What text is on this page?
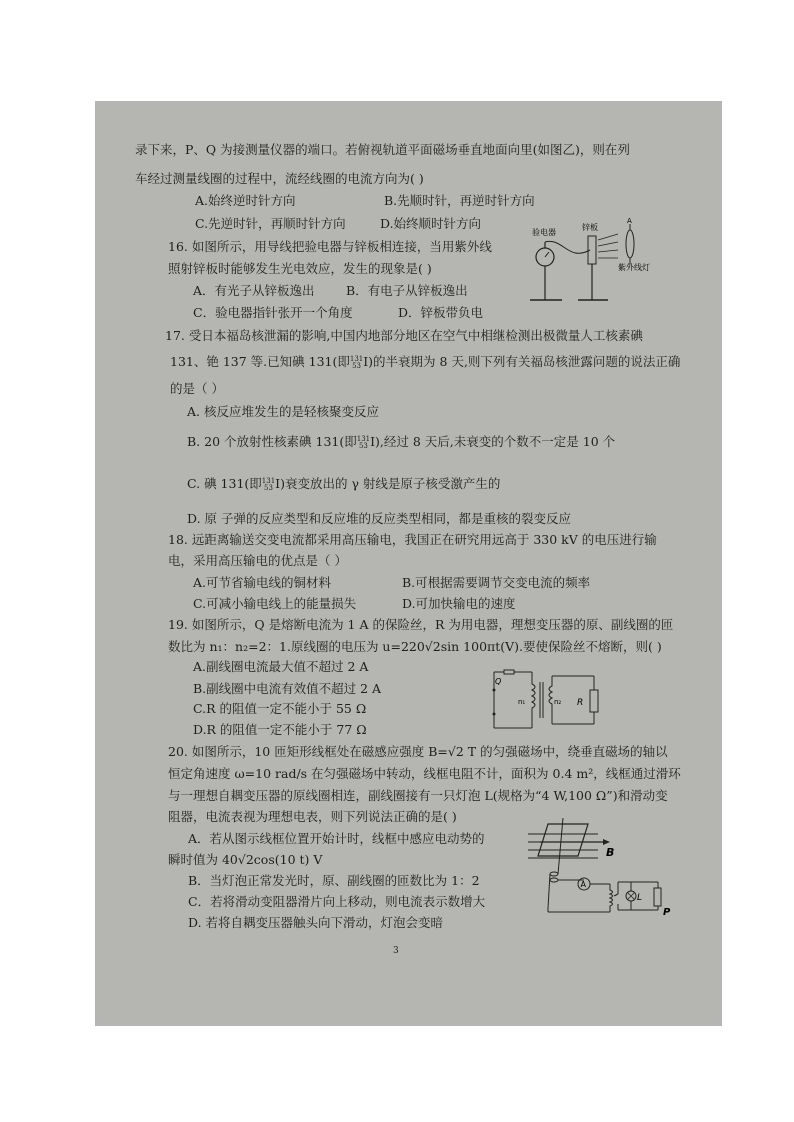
录下来，P、Q 为接测量仪器的端口。若俯视轨道平面磁场垂直地面向里(如图乙)，则在列
车经过测量线圈的过程中，流经线圈的电流方向为( )
A.始终逆时针方向	B.先顺时针，再逆时针方向
C.先逆时针，再顺时针方向	D.始终顺时针方向
16. 如图所示，用导线把验电器与锌板相连接，当用紫外线
照射锌板时能够发生光电效应，发生的现象是( )
A．有光子从锌板逸出	B．有电子从锌板逸出
C．验电器指针张开一个角度	D．锌板带负电
验电器
锌板
A
紫外线灯
17. 受日本福岛核泄漏的影响,中国内地部分地区在空气中相继检测出极微量人工核素碘
131、铯 137 等.已知碘 131(即131
53 I)的半衰期为 8 天,则下列有关福岛核泄露问题的说法正确
的是（ ）
A. 核反应堆发生的是轻核聚变反应
B. 20 个放射性核素碘 131(即131
53 I),经过 8 天后,未衰变的个数不一定是 10 个
C. 碘 131(即131
53 I)衰变放出的 γ 射线是原子核受激产生的
D. 原 子弹的反应类型和反应堆的反应类型相同，都是重核的裂变反应
18. 远距离输送交变电流都采用高压输电，我国正在研究用远高于 330 kV 的电压进行输
电，采用高压输电的优点是（ ）
A.可节省输电线的铜材料	B.可根据需要调节交变电流的频率
C.可减小输电线上的能量损失	D.可加快输电的速度
19. 如图所示，Q 是熔断电流为 1 A 的保险丝，R 为用电器，理想变压器的原、副线圈的匝
数比为 n₁：n₂=2：1.原线圈的电压为 u=220√2sin 100πt(V).要使保险丝不熔断，则( )
A.副线圈电流最大值不超过 2 A
B.副线圈中电流有效值不超过 2 A
C.R 的阻值一定不能小于 55 Ω
D.R 的阻值一定不能小于 77 Ω
Q
n₁	n₂ R
20. 如图所示，10 匝矩形线框处在磁感应强度 B=√2 T 的匀强磁场中，绕垂直磁场的轴以
恒定角速度 ω=10 rad/s 在匀强磁场中转动，线框电阻不计，面积为 0.4 m²，线框通过滑环
与一理想自耦变压器的原线圈相连，副线圈接有一只灯泡 L(规格为“4 W,100 Ω”)和滑动变
阻器，电流表视为理想电表，则下列说法正确的是( )
A．若从图示线框位置开始计时，线框中感应电动势的
瞬时值为 40√2cos(10 t) V
B．当灯泡正常发光时，原、副线圈的匝数比为 1：2
C．若将滑动变阻器滑片向上移动，则电流表示数增大
D. 若将自耦变压器触头向下滑动，灯泡会变暗
B
A
L
P
3
